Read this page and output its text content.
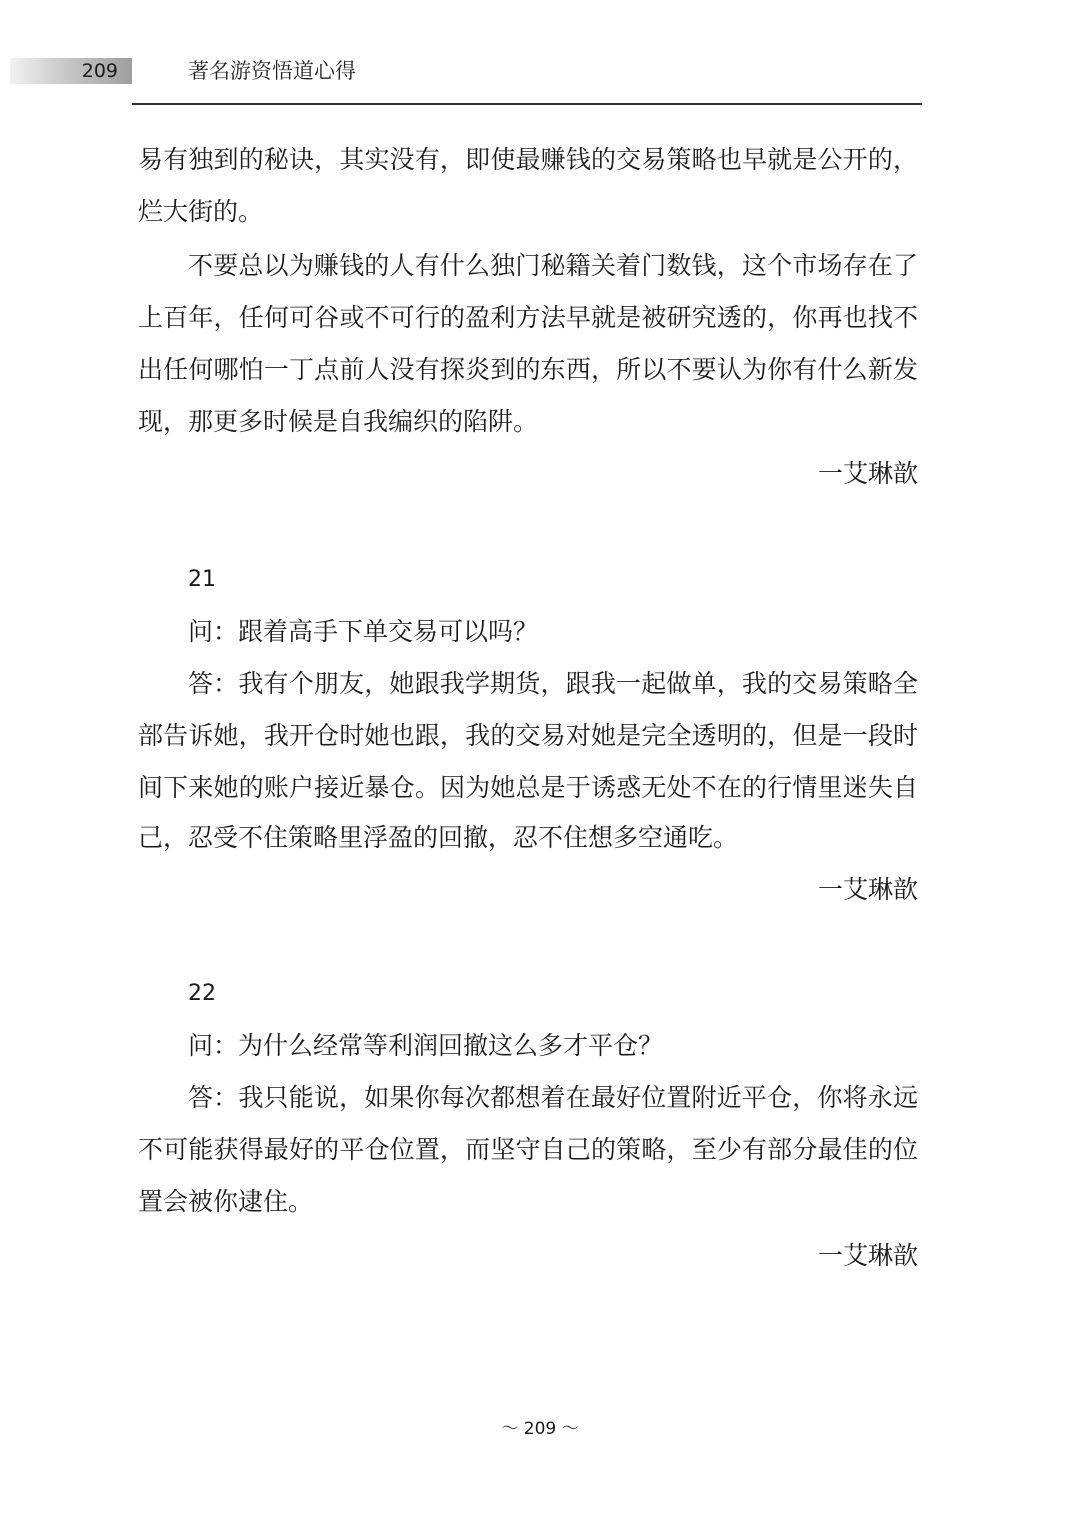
209	著名游资悟道心得
易有独到的秘诀，其实没有，即使最赚钱的交易策略也早就是公开的，
烂大街的。
不要总以为赚钱的人有什么独门秘籍关着门数钱，这个市场存在了
上百年，任何可谷或不可行的盈利方法早就是被研究透的，你再也找不
出任何哪怕一丁点前人没有探炎到的东西，所以不要认为你有什么新发
现，那更多时候是自我编织的陷阱。
一艾琳歆
21
问：跟着高手下单交易可以吗？
答：我有个朋友，她跟我学期货，跟我一起做单，我的交易策略全
部告诉她，我开仓时她也跟，我的交易对她是完全透明的，但是一段时
间下来她的账户接近暴仓。因为她总是于诱惑无处不在的行情里迷失自
己，忍受不住策略里浮盈的回撤，忍不住想多空通吃。
一艾琳歆
22
问：为什么经常等利润回撤这么多才平仓？
答：我只能说，如果你每次都想着在最好位置附近平仓，你将永远
不可能获得最好的平仓位置，而坚守自己的策略，至少有部分最佳的位
置会被你逮住。
一艾琳歆
～ 209 ～
